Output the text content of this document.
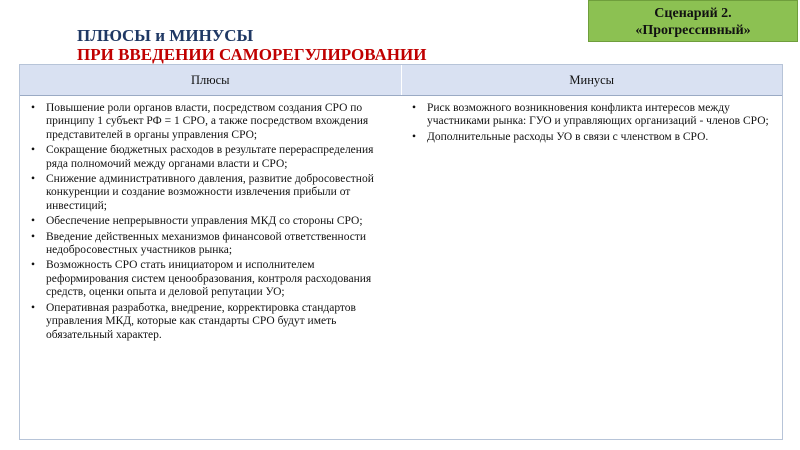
Сценарий 2.
«Прогрессивный»
ПЛЮСЫ и МИНУСЫ
ПРИ ВВЕДЕНИИ САМОРЕГУЛИРОВАНИИ
Плюсы	Минусы
• Повышение роли органов власти, посредством создания СРО по принципу 1 субъект РФ = 1 СРО, а также посредством вхождения представителей в органы управления СРО;
• Сокращение бюджетных расходов в результате перераспределения ряда полномочий между органами власти и СРО;
• Снижение административного давления, развитие добросовестной конкуренции и создание возможности извлечения прибыли от инвестиций;
• Обеспечение непрерывности управления МКД со стороны СРО;
• Введение действенных механизмов финансовой ответственности недобросовестных участников рынка;
• Возможность СРО стать инициатором и исполнителем реформирования систем ценообразования, контроля расходования средств, оценки опыта и деловой репутации УО;
• Оперативная разработка, внедрение, корректировка стандартов управления МКД, которые как стандарты СРО будут иметь обязательный характер.
• Риск возможного возникновения конфликта интересов между участниками рынка: ГУО и управляющих организаций - членов СРО;
• Дополнительные расходы УО в связи с членством в СРО.
